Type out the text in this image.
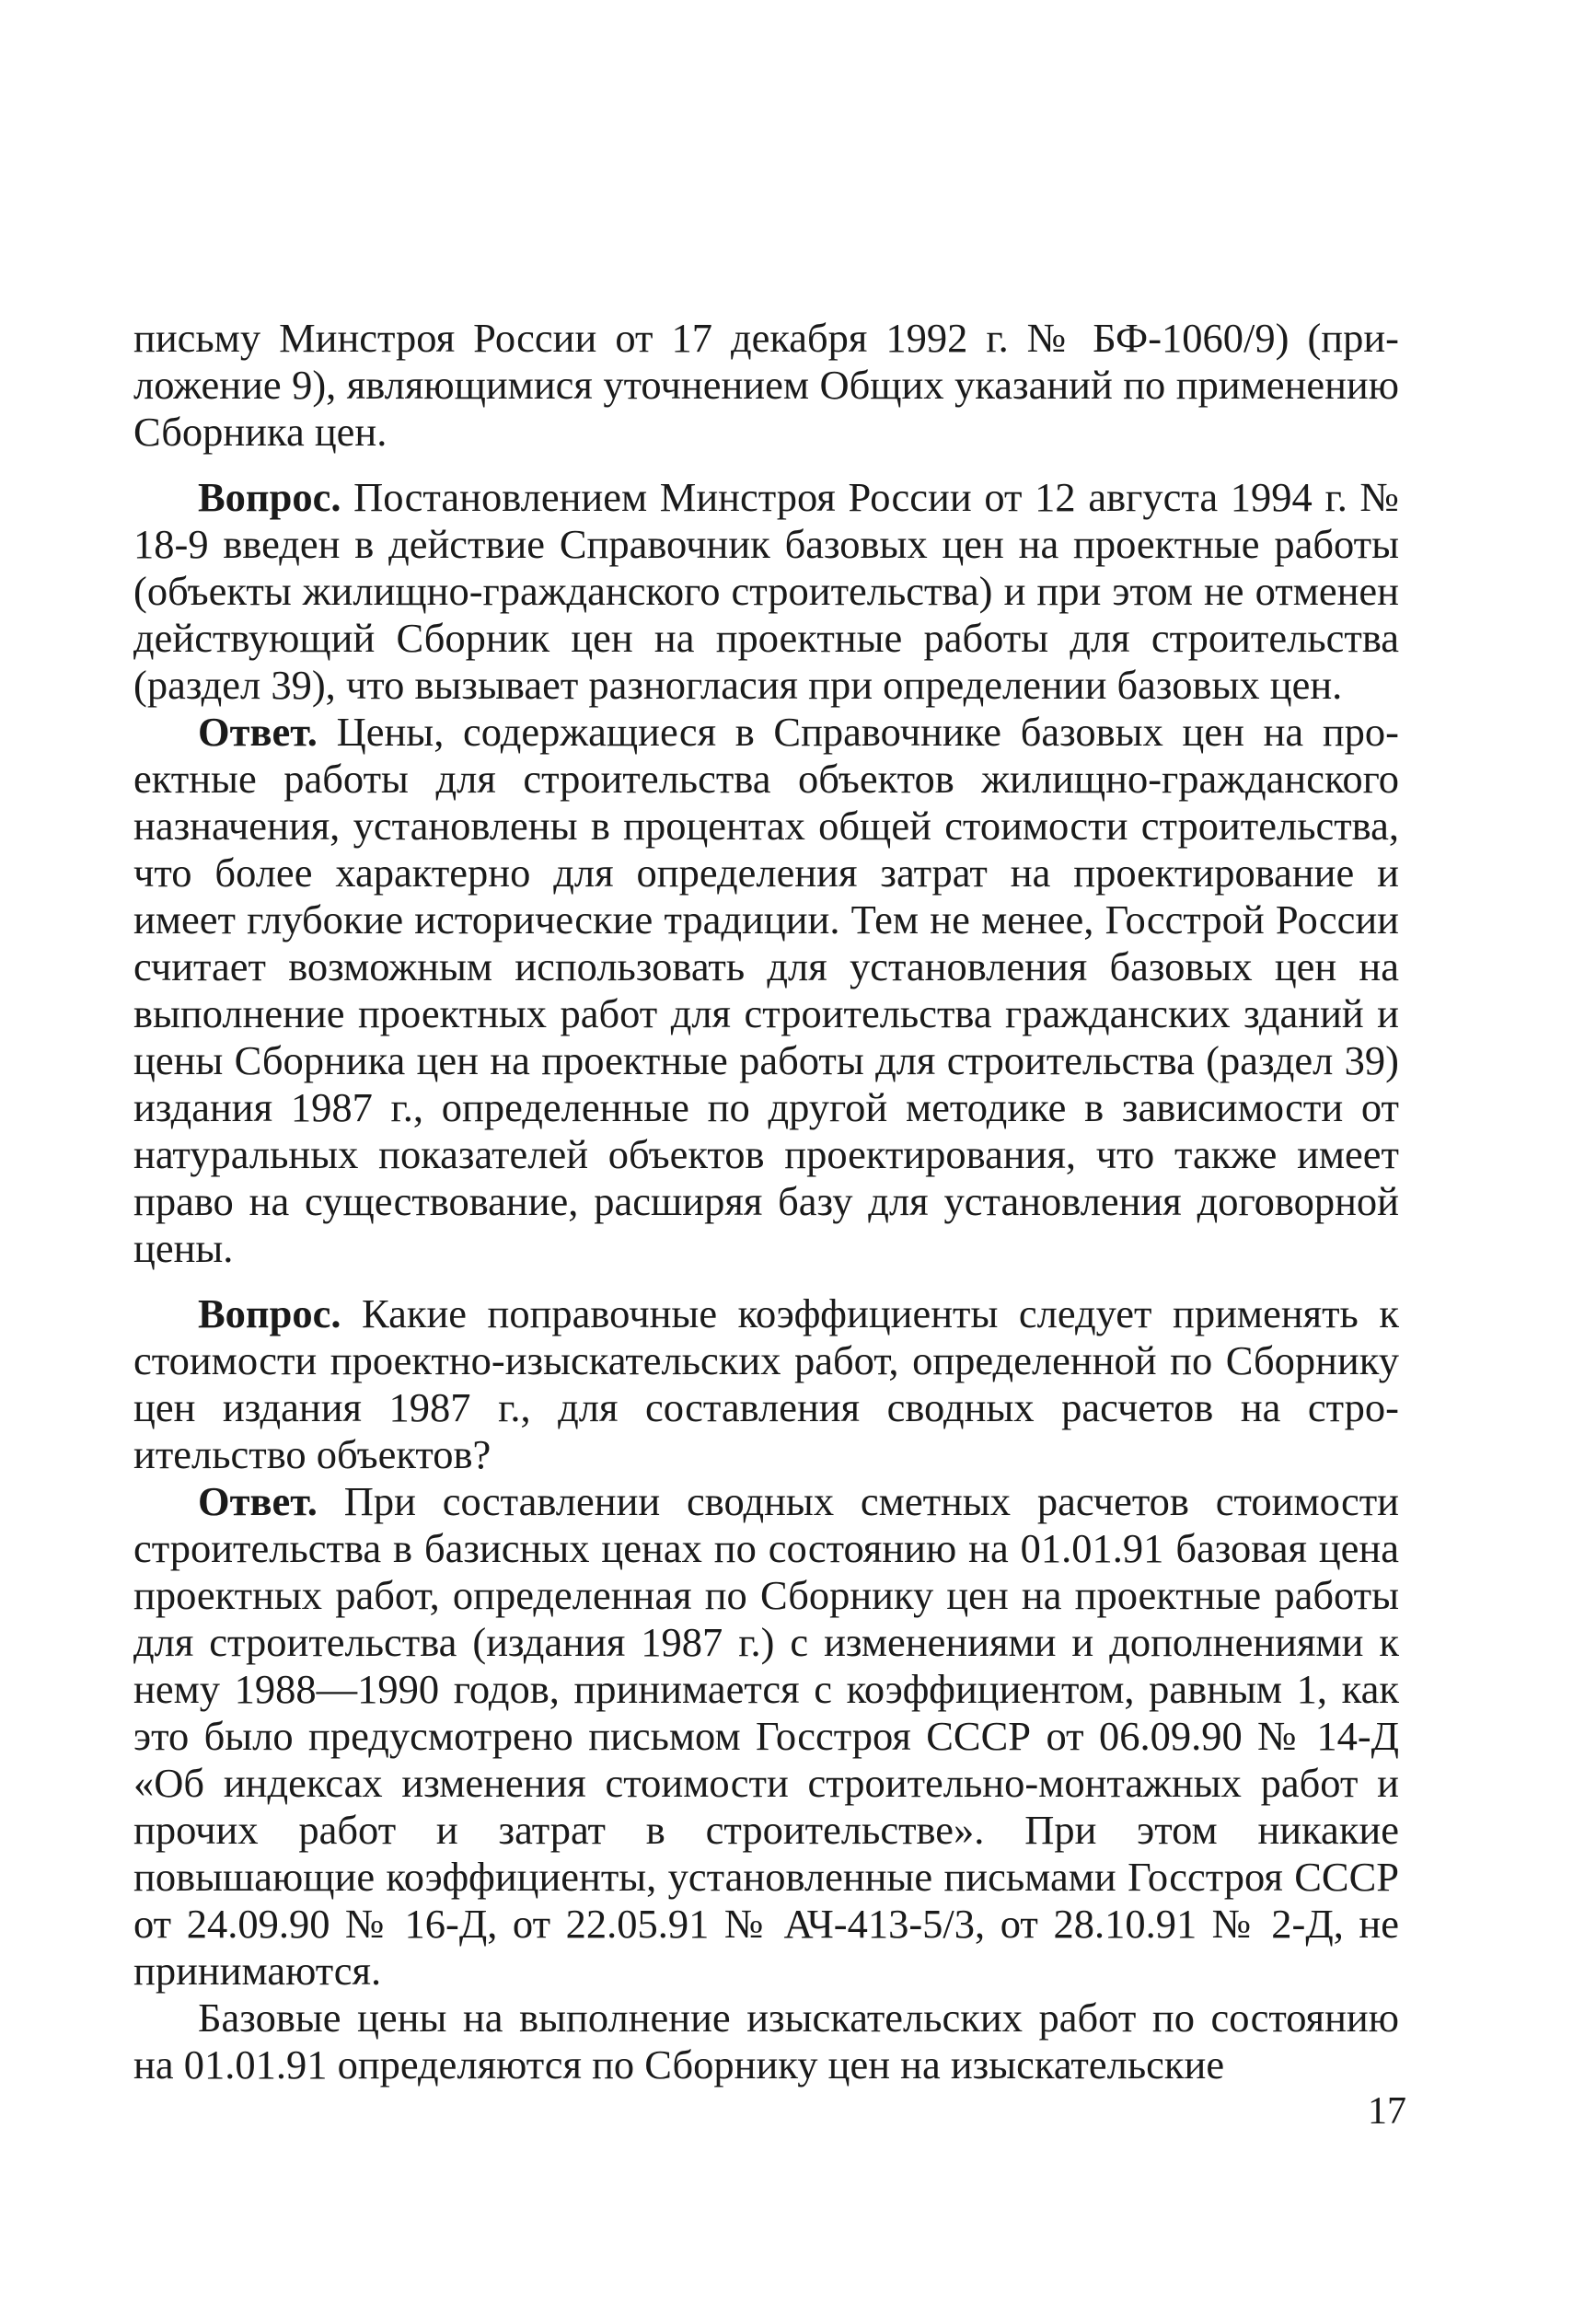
письму Минстроя России от 17 декабря 1992 г. № БФ-1060/9) (приложение 9), являющимися уточнением Общих указаний по применению Сборника цен.

Вопрос. Постановлением Минстроя России от 12 августа 1994 г. № 18-9 введен в действие Справочник базовых цен на проектные работы (объекты жилищно-гражданского строительства) и при этом не отменен действующий Сборник цен на проектные работы для строительства (раздел 39), что вызывает разногласия при определении базовых цен.

Ответ. Цены, содержащиеся в Справочнике базовых цен на проектные работы для строительства объектов жилищно-гражданского назначения, установлены в процентах общей стоимости строительства, что более характерно для определения затрат на проектирование и имеет глубокие исторические традиции. Тем не менее, Госстрой России считает возможным использовать для установления базовых цен на выполнение проектных работ для строительства гражданских зданий и цены Сборника цен на проектные работы для строительства (раздел 39) издания 1987 г., определенные по другой методике в зависимости от натуральных показателей объектов проектирования, что также имеет право на существование, расширяя базу для установления договорной цены.

Вопрос. Какие поправочные коэффициенты следует применять к стоимости проектно-изыскательских работ, определенной по Сборнику цен издания 1987 г., для составления сводных расчетов на строительство объектов?

Ответ. При составлении сводных сметных расчетов стоимости строительства в базисных ценах по состоянию на 01.01.91 базовая цена проектных работ, определенная по Сборнику цен на проектные работы для строительства (издания 1987 г.) с изменениями и дополнениями к нему 1988—1990 годов, принимается с коэффициентом, равным 1, как это было предусмотрено письмом Госстроя СССР от 06.09.90 № 14-Д «Об индексах изменения стоимости строительно-монтажных работ и прочих работ и затрат в строительстве». При этом никакие повышающие коэффициенты, установленные письмами Госстроя СССР от 24.09.90 № 16-Д, от 22.05.91 № АЧ-413-5/3, от 28.10.91 № 2-Д, не принимаются.

Базовые цены на выполнение изыскательских работ по состоянию на 01.01.91 определяются по Сборнику цен на изыскательские

17
